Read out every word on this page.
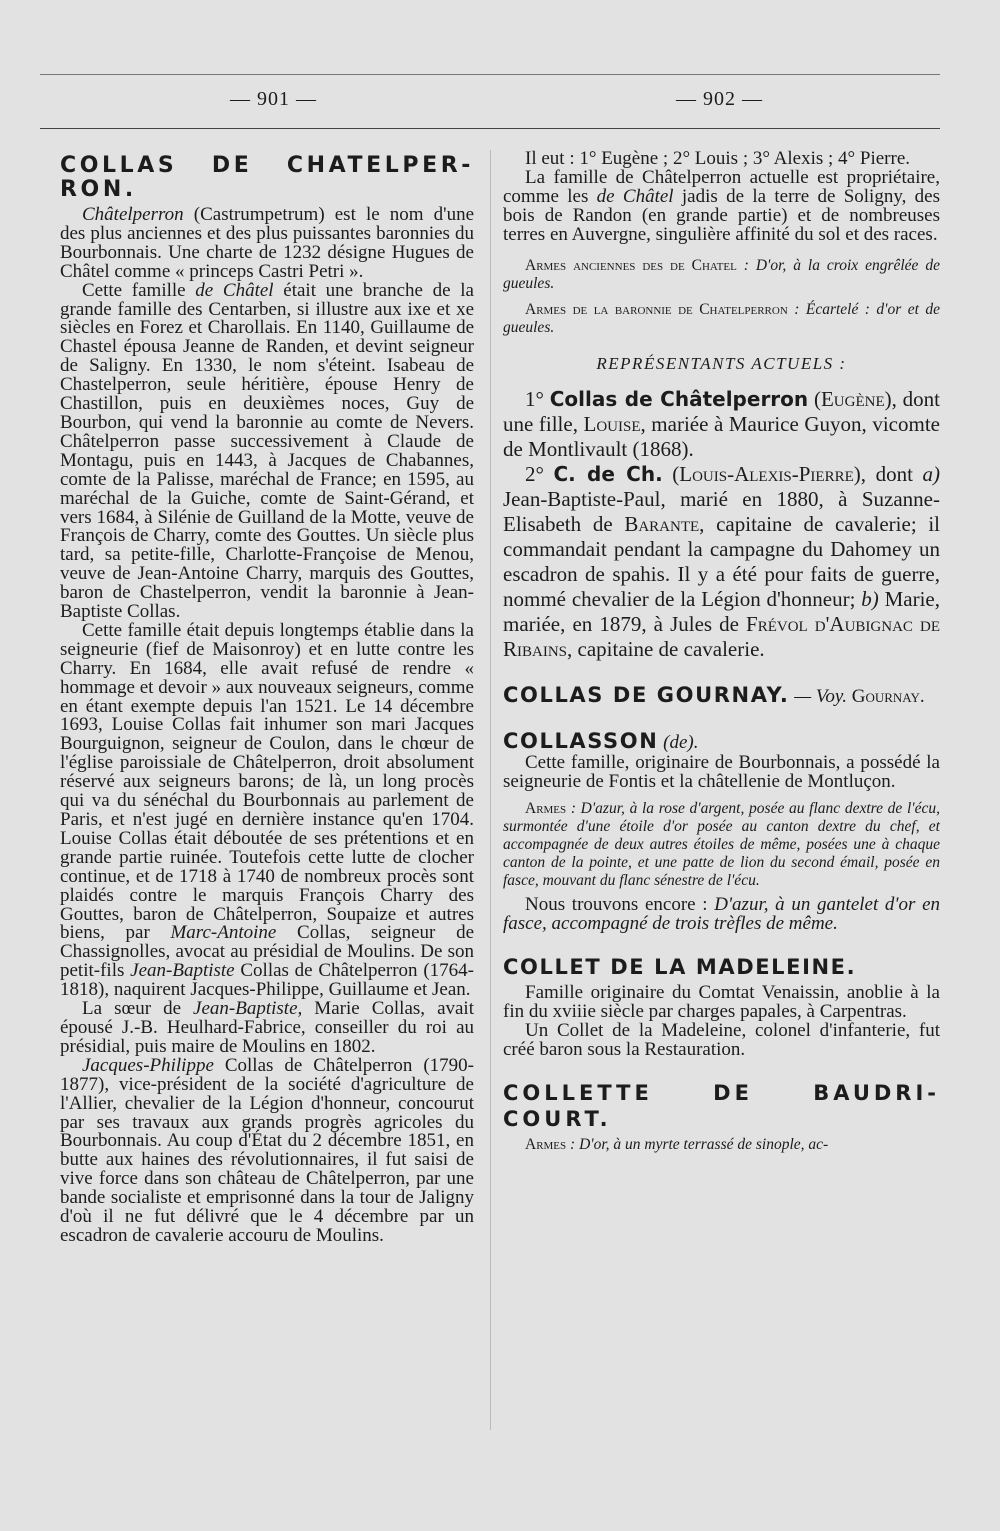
— 901 —	— 902 —
COLLAS DE CHATELPER-RON.

Châtelperron (Castrumpetrum) est le nom d'une des plus anciennes et des plus puissantes baronnies du Bourbonnais. Une charte de 1232 désigne Hugues de Châtel comme « princeps Castri Petri ».

Cette famille de Châtel était une branche de la grande famille des Centarben, si illustre aux ixe et xe siècles en Forez et Charollais. En 1140, Guillaume de Chastel épousa Jeanne de Randen, et devint seigneur de Saligny. En 1330, le nom s'éteint. Isabeau de Chastelperron, seule héritière, épouse Henry de Chastillon, puis en deuxièmes noces, Guy de Bourbon, qui vend la baronnie au comte de Nevers. Châtelperron passe successivement à Claude de Montagu, puis en 1443, à Jacques de Chabannes, comte de la Palisse, maréchal de France; en 1595, au maréchal de la Guiche, comte de Saint-Gérand, et vers 1684, à Silénie de Guilland de la Motte, veuve de François de Charry, comte des Gouttes. Un siècle plus tard, sa petite-fille, Charlotte-Françoise de Menou, veuve de Jean-Antoine Charry, marquis des Gouttes, baron de Chastelperron, vendit la baronnie à Jean-Baptiste Collas.

Cette famille était depuis longtemps établie dans la seigneurie (fief de Maisonroy) et en lutte contre les Charry. En 1684, elle avait refusé de rendre « hommage et devoir » aux nouveaux seigneurs, comme en étant exempte depuis l'an 1521. Le 14 décembre 1693, Louise Collas fait inhumer son mari Jacques Bourguignon, seigneur de Coulon, dans le chœur de l'église paroissiale de Châtelperron, droit absolument réservé aux seigneurs barons; de là, un long procès qui va du sénéchal du Bourbonnais au parlement de Paris, et n'est jugé en dernière instance qu'en 1704. Louise Collas était déboutée de ses prétentions et en grande partie ruinée. Toutefois cette lutte de clocher continue, et de 1718 à 1740 de nombreux procès sont plaidés contre le marquis François Charry des Gouttes, baron de Châtelperron, Soupaize et autres biens, par Marc-Antoine Collas, seigneur de Chassignolles, avocat au présidial de Moulins. De son petit-fils Jean-Baptiste Collas de Châtelperron (1764-1818), naquirent Jacques-Philippe, Guillaume et Jean.

La sœur de Jean-Baptiste, Marie Collas, avait épousé J.-B. Heulhard-Fabrice, conseiller du roi au présidial, puis maire de Moulins en 1802.

Jacques-Philippe Collas de Châtelperron (1790-1877), vice-président de la société d'agriculture de l'Allier, chevalier de la Légion d'honneur, concourut par ses travaux aux grands progrès agricoles du Bourbonnais. Au coup d'État du 2 décembre 1851, en butte aux haines des révolutionnaires, il fut saisi de vive force dans son château de Châtelperron, par une bande socialiste et emprisonné dans la tour de Jaligny d'où il ne fut délivré que le 4 décembre par un escadron de cavalerie accouru de Moulins.

Il eut : 1° Eugène ; 2° Louis ; 3° Alexis ; 4° Pierre.

La famille de Châtelperron actuelle est propriétaire, comme les de Châtel jadis de la terre de Soligny, des bois de Randon (en grande partie) et de nombreuses terres en Auvergne, singulière affinité du sol et des races.

Armes anciennes des de Chatel : D'or, à la croix engrêlée de gueules.

Armes de la baronnie de Chatelperron : Écartelé : d'or et de gueules.

REPRÉSENTANTS ACTUELS :

1° Collas de Châtelperron (Eugène), dont une fille, Louise, mariée à Maurice Guyon, vicomte de Montlivault (1868).

2° C. de Ch. (Louis-Alexis-Pierre), dont a) Jean-Baptiste-Paul, marié en 1880, à Suzanne-Elisabeth de Barante, capitaine de cavalerie; il commandait pendant la campagne du Dahomey un escadron de spahis. Il y a été pour faits de guerre, nommé chevalier de la Légion d'honneur; b) Marie, mariée, en 1879, à Jules de Frévol d'Aubignac de Ribains, capitaine de cavalerie.

COLLAS DE GOURNAY. — Voy. Gournay.

COLLASSON (de).

Cette famille, originaire de Bourbonnais, a possédé la seigneurie de Fontis et la châtellenie de Montluçon.

Armes : D'azur, à la rose d'argent, posée au flanc dextre de l'écu, surmontée d'une étoile d'or posée au canton dextre du chef, et accompagnée de deux autres étoiles de même, posées une à chaque canton de la pointe, et une patte de lion du second émail, posée en fasce, mouvant du flanc sénestre de l'écu.

Nous trouvons encore : D'azur, à un gantelet d'or en fasce, accompagné de trois trèfles de même.

COLLET DE LA MADELEINE.

Famille originaire du Comtat Venaissin, anoblie à la fin du xviiie siècle par charges papales, à Carpentras.

Un Collet de la Madeleine, colonel d'infanterie, fut créé baron sous la Restauration.

COLLETTE DE BAUDRI-COURT.

Armes : D'or, à un myrte terrassé de sinople, ac-
